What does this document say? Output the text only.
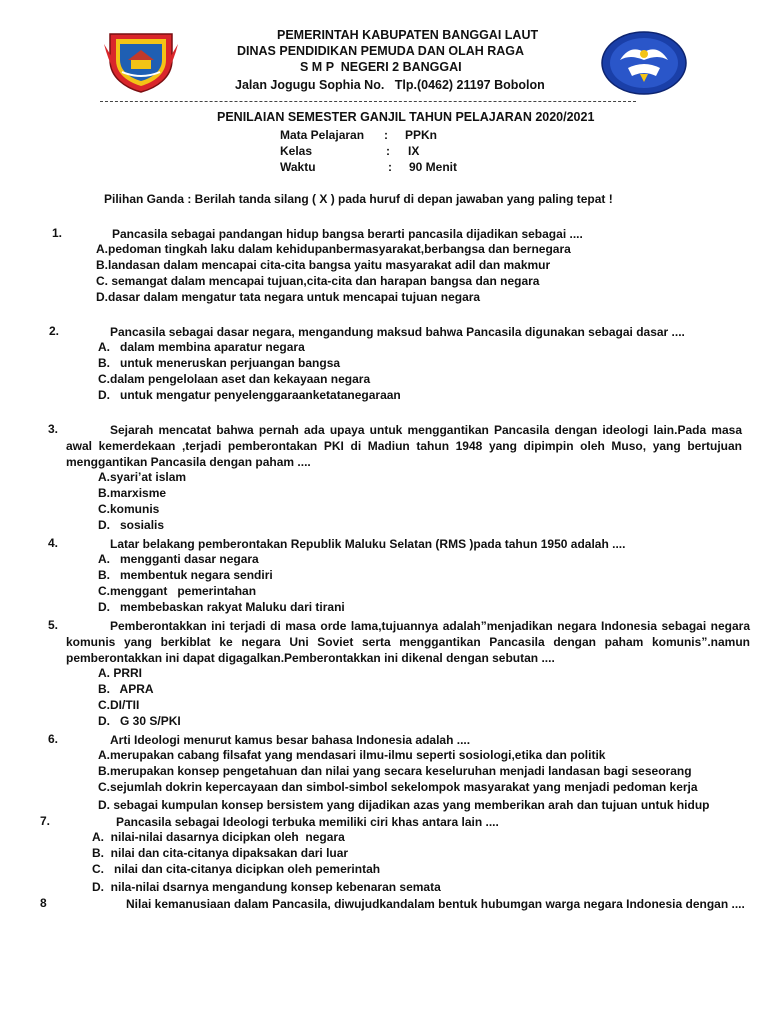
PEMERINTAH KABUPATEN BANGGAI LAUT
DINAS PENDIDIKAN PEMUDA DAN OLAH RAGA
S M P  NEGERI 2 BANGGAI
Jalan Jogugu Sophia No.   Tlp.(0462) 21197 Bobolon
PENILAIAN SEMESTER GANJIL TAHUN PELAJARAN 2020/2021
Mata Pelajaran : PPKn
Kelas	: IX
Waktu	: 90 Menit
Pilihan Ganda : Berilah tanda silang ( X ) pada huruf di depan jawaban yang paling tepat !
1.	Pancasila sebagai pandangan hidup bangsa berarti pancasila dijadikan sebagai ....
A.pedoman tingkah laku dalam kehidupanbermasyarakat,berbangsa dan bernegara
B.landasan dalam mencapai cita-cita bangsa yaitu masyarakat adil dan makmur
C. semangat dalam mencapai tujuan,cita-cita dan harapan bangsa dan negara
D.dasar dalam mengatur tata negara untuk mencapai tujuan negara
2.	Pancasila sebagai dasar negara, mengandung maksud bahwa Pancasila digunakan sebagai dasar ....
A.   dalam membina aparatur negara
B.   untuk meneruskan perjuangan bangsa
C.dalam pengelolaan aset dan kekayaan negara
D.   untuk mengatur penyelenggaraanketatanegaraan
3.	Sejarah mencatat bahwa pernah ada upaya untuk menggantikan Pancasila dengan ideologi lain.Pada masa awal kemerdekaan ,terjadi pemberontakan PKI di Madiun tahun 1948 yang dipimpin oleh Muso, yang bertujuan menggantikan Pancasila dengan paham ....
A.syari’at islam
B.marxisme
C.komunis
D.   sosialis
4.	Latar belakang pemberontakan Republik Maluku Selatan (RMS )pada tahun 1950 adalah ....
A.   mengganti dasar negara
B.   membentuk negara sendiri
C.menggant   pemerintahan
D.   membebaskan rakyat Maluku dari tirani
5.	Pemberontakkan ini terjadi di masa orde lama,tujuannya adalah”menjadikan negara Indonesia sebagai negara komunis yang berkiblat ke negara Uni Soviet serta menggantikan Pancasila dengan paham komunis”.namun pemberontakkan ini dapat digagalkan.Pemberontakkan ini dikenal dengan sebutan ....
A. PRRI
B.   APRA
C.DI/TII
D.   G 30 S/PKI
6.	Arti Ideologi menurut kamus besar bahasa Indonesia adalah ....
A.merupakan cabang filsafat yang mendasari ilmu-ilmu seperti sosiologi,etika dan politik
B.merupakan konsep pengetahuan dan nilai yang secara keseluruhan menjadi landasan bagi seseorang
C.sejumlah dokrin kepercayaan dan simbol-simbol sekelompok masyarakat yang menjadi pedoman kerja
D. sebagai kumpulan konsep bersistem yang dijadikan azas yang memberikan arah dan tujuan untuk hidup
7.	Pancasila sebagai Ideologi terbuka memiliki ciri khas antara lain ....
A.  nilai-nilai dasarnya dicipkan oleh  negara
B.  nilai dan cita-citanya dipaksakan dari luar
C.   nilai dan cita-citanya dicipkan oleh pemerintah
D.  nila-nilai dsarnya mengandung konsep kebenaran semata
8	Nilai kemanusiaan dalam Pancasila, diwujudkandalam bentuk hubumgan warga negara Indonesia dengan ....
